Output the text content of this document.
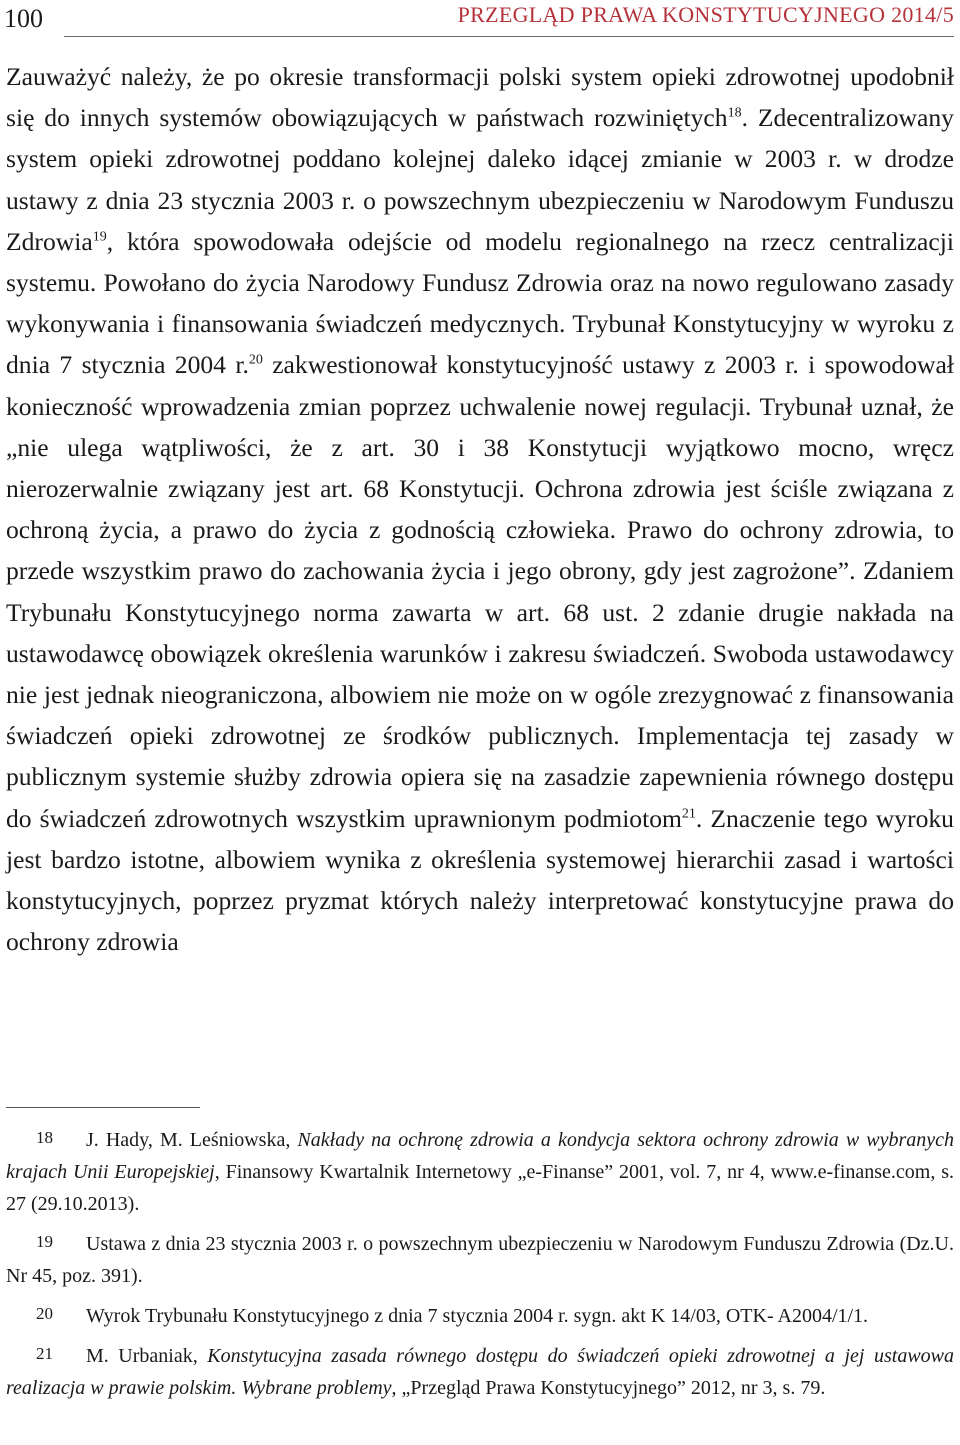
100	PRZEGLĄD PRAWA KONSTYTUCYJNEGO 2014/5

Zauważyć należy, że po okresie transformacji polski system opieki zdrowotnej upodobnił się do innych systemów obowiązujących w państwach rozwiniętych$^{18}$. Zdecentralizowany system opieki zdrowotnej poddano kolejnej daleko idącej zmianie w 2003 r. w drodze ustawy z dnia 23 stycznia 2003 r. o powszechnym ubezpieczeniu w Narodowym Funduszu Zdrowia$^{19}$, która spowodowała odejście od modelu regionalnego na rzecz centralizacji systemu. Powołano do życia Narodowy Fundusz Zdrowia oraz na nowo regulowano zasady wykonywania i finansowania świadczeń medycznych. Trybunał Konstytucyjny w wyroku z dnia 7 stycznia 2004 r.$^{20}$ zakwestionował konstytucyjność ustawy z 2003 r. i spowodował konieczność wprowadzenia zmian poprzez uchwalenie nowej regulacji. Trybunał uznał, że „nie ulega wątpliwości, że z art. 30 i 38 Konstytucji wyjątkowo mocno, wręcz nierozerwalnie związany jest art. 68 Konstytucji. Ochrona zdrowia jest ściśle związana z ochroną życia, a prawo do życia z godnością człowieka. Prawo do ochrony zdrowia, to przede wszystkim prawo do zachowania życia i jego obrony, gdy jest zagrożone”. Zdaniem Trybunału Konstytucyjnego norma zawarta w art. 68 ust. 2 zdanie drugie nakłada na ustawodawcę obowiązek określenia warunków i zakresu świadczeń. Swoboda ustawodawcy nie jest jednak nieograniczona, albowiem nie może on w ogóle zrezygnować z finansowania świadczeń opieki zdrowotnej ze środków publicznych. Implementacja tej zasady w publicznym systemie służby zdrowia opiera się na zasadzie zapewnienia równego dostępu do świadczeń zdrowotnych wszystkim uprawnionym podmiotom$^{21}$. Znaczenie tego wyroku jest bardzo istotne, albowiem wynika z określenia systemowej hierarchii zasad i wartości konstytucyjnych, poprzez pryzmat których należy interpretować konstytucyjne prawa do ochrony zdrowia

18 J. Hady, M. Leśniowska, Nakłady na ochronę zdrowia a kondycja sektora ochrony zdrowia w wybranych krajach Unii Europejskiej, Finansowy Kwartalnik Internetowy „e-Finanse” 2001, vol. 7, nr 4, www.e-finanse.com, s. 27 (29.10.2013).

19 Ustawa z dnia 23 stycznia 2003 r. o powszechnym ubezpieczeniu w Narodowym Funduszu Zdrowia (Dz.U. Nr 45, poz. 391).

20 Wyrok Trybunału Konstytucyjnego z dnia 7 stycznia 2004 r. sygn. akt K 14/03, OTK- A2004/1/1.

21 M. Urbaniak, Konstytucyjna zasada równego dostępu do świadczeń opieki zdrowotnej a jej ustawowa realizacja w prawie polskim. Wybrane problemy, „Przegląd Prawa Konstytucyjnego” 2012, nr 3, s. 79.
